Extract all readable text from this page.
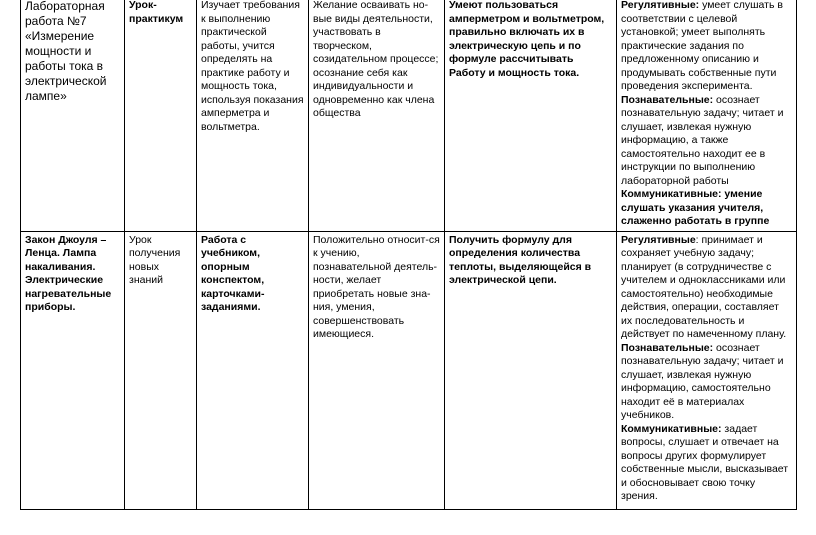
Лабораторная работа №7 «Измерение мощности и работы тока в электрической лампе»	Урок-практикум	Изучает требования к выполнению практической работы, учится определять на практике работу и мощность тока, используя показания амперметра и вольтметра.	Желание осваивать но-вые виды деятельности, участвовать в творческом, созидательном процессе; осознание себя как индивидуальности и одновременно как члена общества	Умеют пользоваться амперметром и вольтметром, правильно включать их в электрическую цепь и по формуле рассчитывать Работу и мощность тока.	Регулятивные: умеет слушать в соответствии с целевой установкой; умеет выполнять практические задания по предложенному описанию и продумывать собственные пути проведения эксперимента.
Познавательные: осознает познавательную задачу; читает и слушает, извлекая нужную информацию, а также самостоятельно находит ее в инструкции по выполнению лабораторной работы
Коммуникативные: умение слушать указания учителя, слаженно работать в группе

Закон Джоуля – Ленца. Лампа накаливания. Электрические нагревательные приборы.	Урок получения новых знаний	Работа с учебником, опорным конспектом, карточками-заданиями.	Положительно относит-ся к учению, познавательной деятель-ности, желает приобретать новые зна-ния, умения, совершенствовать имеющиеся.	Получить формулу для определения количества теплоты, выделяющейся в электрической цепи.	Регулятивные: принимает и сохраняет учебную задачу; планирует (в сотрудничестве с учителем и одноклассниками или самостоятельно) необходимые действия, операции, составляет их последовательность и действует по намеченному плану.
Познавательные: осознает познавательную задачу; читает и слушает, извлекая нужную информацию, самостоятельно находит её в материалах учебников.
Коммуникативные: задает вопросы, слушает и отвечает на вопросы других формулирует собственные мысли, высказывает и обосновывает свою точку зрения.
